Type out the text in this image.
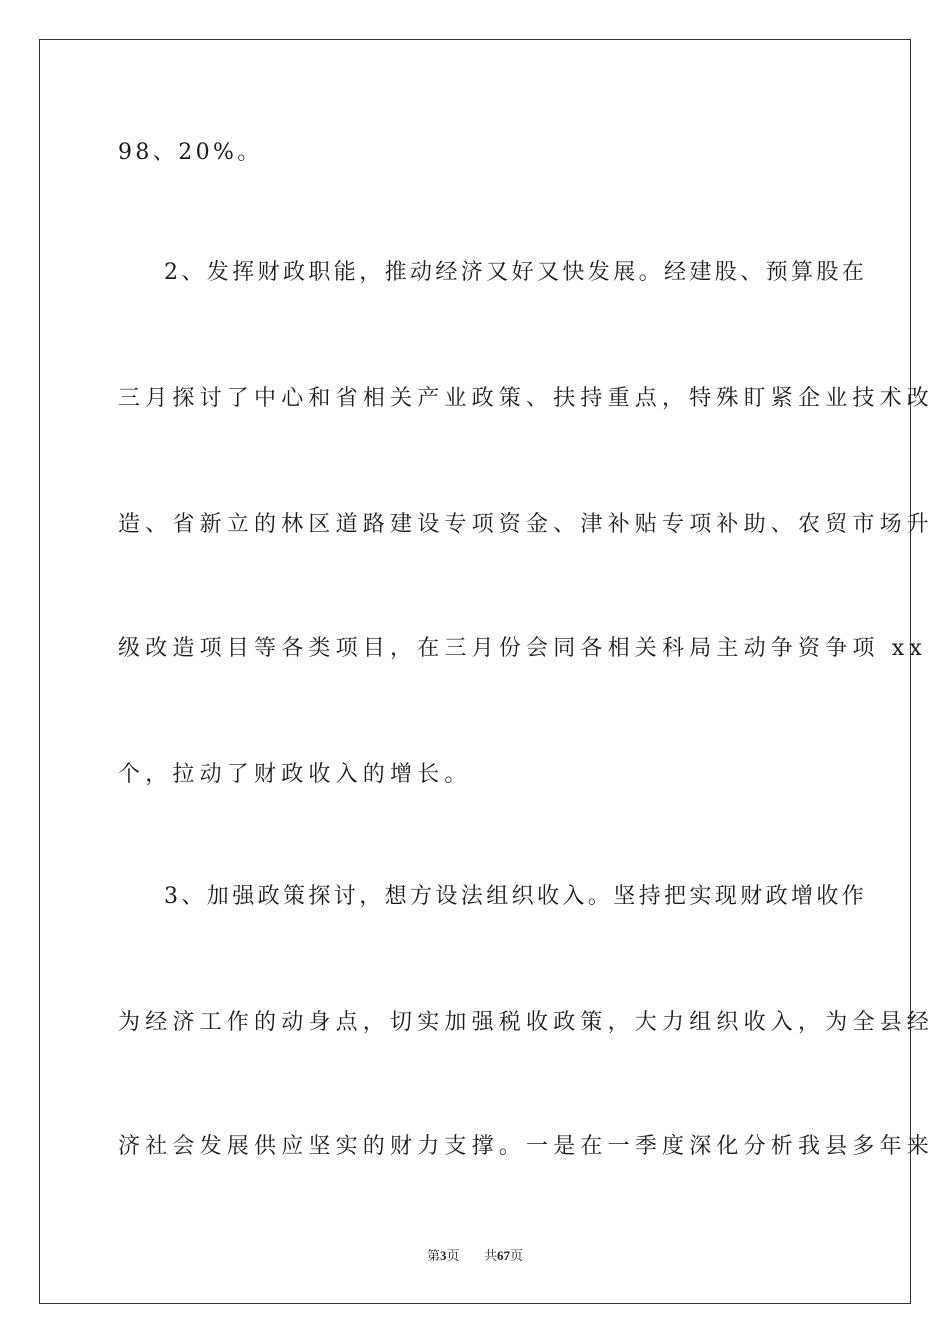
98、20%。
2、发挥财政职能，推动经济又好又快发展。经建股、预算股在
三月探讨了中心和省相关产业政策、扶持重点，特殊盯紧企业技术改
造、省新立的林区道路建设专项资金、津补贴专项补助、农贸市场升
级改造项目等各类项目，在三月份会同各相关科局主动争资争项 xx
个，拉动了财政收入的增长。
3、加强政策探讨，想方设法组织收入。坚持把实现财政增收作
为经济工作的动身点，切实加强税收政策，大力组织收入，为全县经
济社会发展供应坚实的财力支撑。一是在一季度深化分析我县多年来
第3页 共67页
